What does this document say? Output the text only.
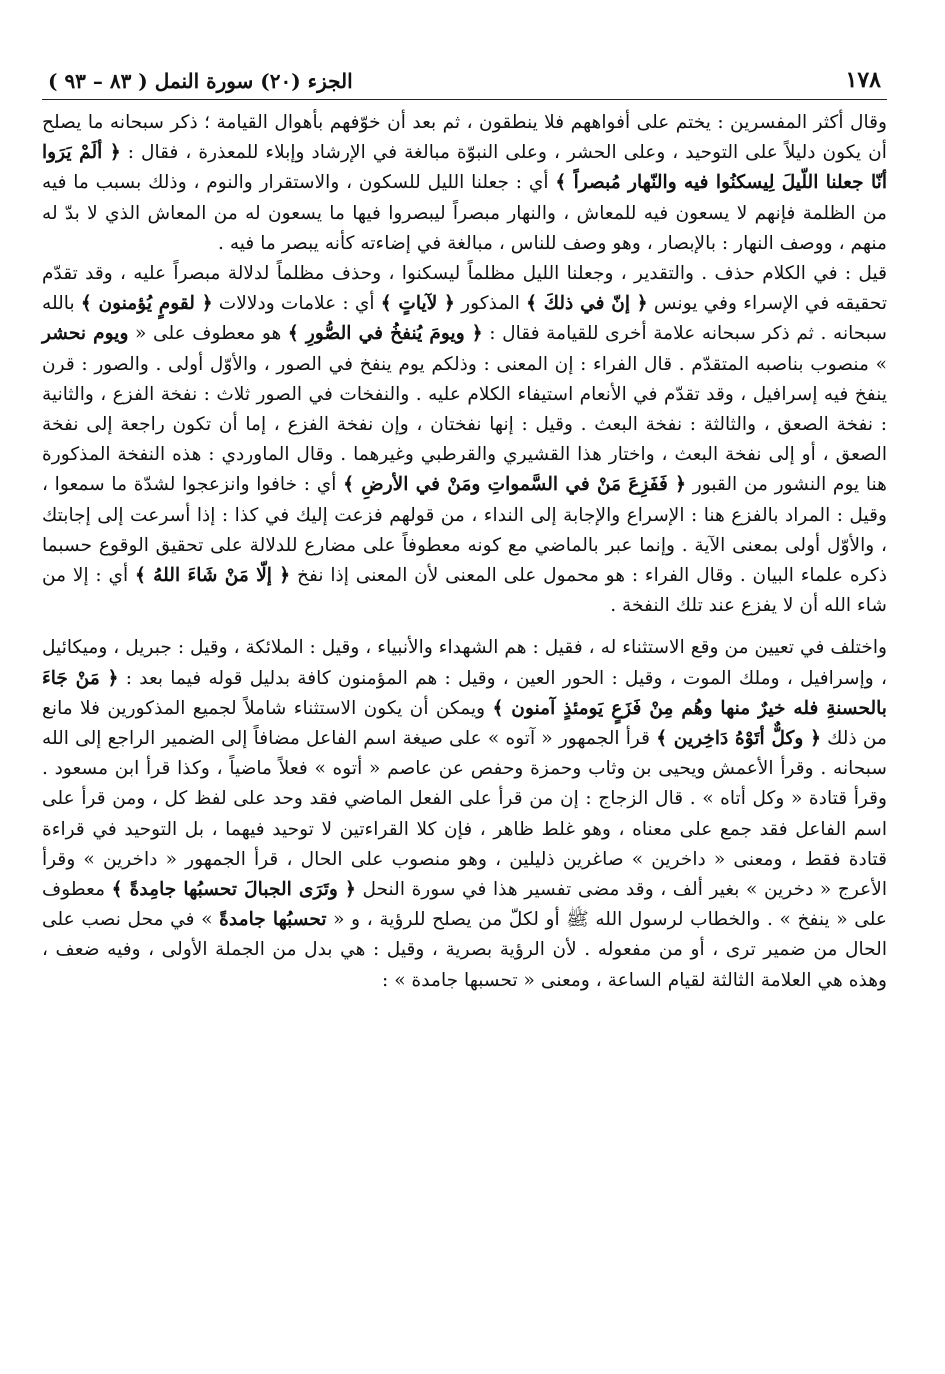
١٧٨
الجزء (٢٠) سورة النمل ( ٨٣ – ٩٣ )

وقال أكثر المفسرين : يختم على أفواههم فلا ينطقون ، ثم بعد أن خوّفهم بأهوال القيامة ؛ ذكر سبحانه ما يصلح أن يكون دليلاً على التوحيد ، وعلى الحشر ، وعلى النبوّة مبالغة في الإرشاد وإبلاء للمعذرة ، فقال : ﴿ ألَمْ يَرَوا أنّا جعلنا اللّيلَ لِيسكنُوا فيه والنّهار مُبصراً ﴾ أي : جعلنا الليل للسكون ، والاستقرار والنوم ، وذلك بسبب ما فيه من الظلمة فإنهم لا يسعون فيه للمعاش ، والنهار مبصراً ليبصروا فيها ما يسعون له من المعاش الذي لا بدّ له منهم ، ووصف النهار : بالإبصار ، وهو وصف للناس ، مبالغة في إضاءته كأنه يبصر ما فيه .

قيل : في الكلام حذف . والتقدير ، وجعلنا الليل مظلماً ليسكنوا ، وحذف مظلماً لدلالة مبصراً عليه ، وقد تقدّم تحقيقه في الإسراء وفي يونس ﴿ إنّ في ذلكَ ﴾ المذكور ﴿ لآياتٍ ﴾ أي : علامات ودلالات ﴿ لقومٍ يُؤمنون ﴾ بالله سبحانه . ثم ذكر سبحانه علامة أخرى للقيامة فقال : ﴿ ويومَ يُنفخُ في الصُّورِ ﴾ هو معطوف على « ويوم نحشر » منصوب بناصبه المتقدّم . قال الفراء : إن المعنى : وذلكم يوم ينفخ في الصور ، والأوّل أولى . والصور : قرن ينفخ فيه إسرافيل ، وقد تقدّم في الأنعام استيفاء الكلام عليه . والنفخات في الصور ثلاث : نفخة الفزع ، والثانية : نفخة الصعق ، والثالثة : نفخة البعث . وقيل : إنها نفختان ، وإن نفخة الفزع ، إما أن تكون راجعة إلى نفخة الصعق ، أو إلى نفخة البعث ، واختار هذا القشيري والقرطبي وغيرهما . وقال الماوردي : هذه النفخة المذكورة هنا يوم النشور من القبور ﴿ فَفَزِعَ مَنْ في السَّمواتِ ومَنْ في الأرضِ ﴾ أي : خافوا وانزعجوا لشدّة ما سمعوا ، وقيل : المراد بالفزع هنا : الإسراع والإجابة إلى النداء ، من قولهم فزعت إليك في كذا : إذا أسرعت إلى إجابتك ، والأوّل أولى بمعنى الآية . وإنما عبر بالماضي مع كونه معطوفاً على مضارع للدلالة على تحقيق الوقوع حسبما ذكره علماء البيان . وقال الفراء : هو محمول على المعنى لأن المعنى إذا نفخ ﴿ إلّا مَنْ شَاءَ اللهُ ﴾ أي : إلا من شاء الله أن لا يفزع عند تلك النفخة .

واختلف في تعيين من وقع الاستثناء له ، فقيل : هم الشهداء والأنبياء ، وقيل : الملائكة ، وقيل : جبريل ، وميكائيل ، وإسرافيل ، وملك الموت ، وقيل : الحور العين ، وقيل : هم المؤمنون كافة بدليل قوله فيما بعد : ﴿ مَنْ جَاءَ بالحسنةِ فله خيرٌ منها وهُم مِنْ فَزَعٍ يَومئذٍ آمنون ﴾ ويمكن أن يكون الاستثناء شاملاً لجميع المذكورين فلا مانع من ذلك ﴿ وكلٌّ أتَوْهُ دَاخِرين ﴾ قرأ الجمهور « آتوه » على صيغة اسم الفاعل مضافاً إلى الضمير الراجع إلى الله سبحانه . وقرأ الأعمش ويحيى بن وثاب وحمزة وحفص عن عاصم « أتوه » فعلاً ماضياً ، وكذا قرأ ابن مسعود . وقرأ قتادة « وكل أتاه » . قال الزجاج : إن من قرأ على الفعل الماضي فقد وحد على لفظ كل ، ومن قرأ على اسم الفاعل فقد جمع على معناه ، وهو غلط ظاهر ، فإن كلا القراءتين لا توحيد فيهما ، بل التوحيد في قراءة قتادة فقط ، ومعنى « داخرين » صاغرين ذليلين ، وهو منصوب على الحال ، قرأ الجمهور « داخرين » وقرأ الأعرج « دخرين » بغير ألف ، وقد مضى تفسير هذا في سورة النحل ﴿ وتَرَى الجبالَ تحسبُها جامِدةً ﴾ معطوف على « ينفخ » . والخطاب لرسول الله ﷺ أو لكلّ من يصلح للرؤية ، و « تحسبُها جامدةً » في محل نصب على الحال من ضمير ترى ، أو من مفعوله . لأن الرؤية بصرية ، وقيل : هي بدل من الجملة الأولى ، وفيه ضعف ، وهذه هي العلامة الثالثة لقيام الساعة ، ومعنى « تحسبها جامدة » :
